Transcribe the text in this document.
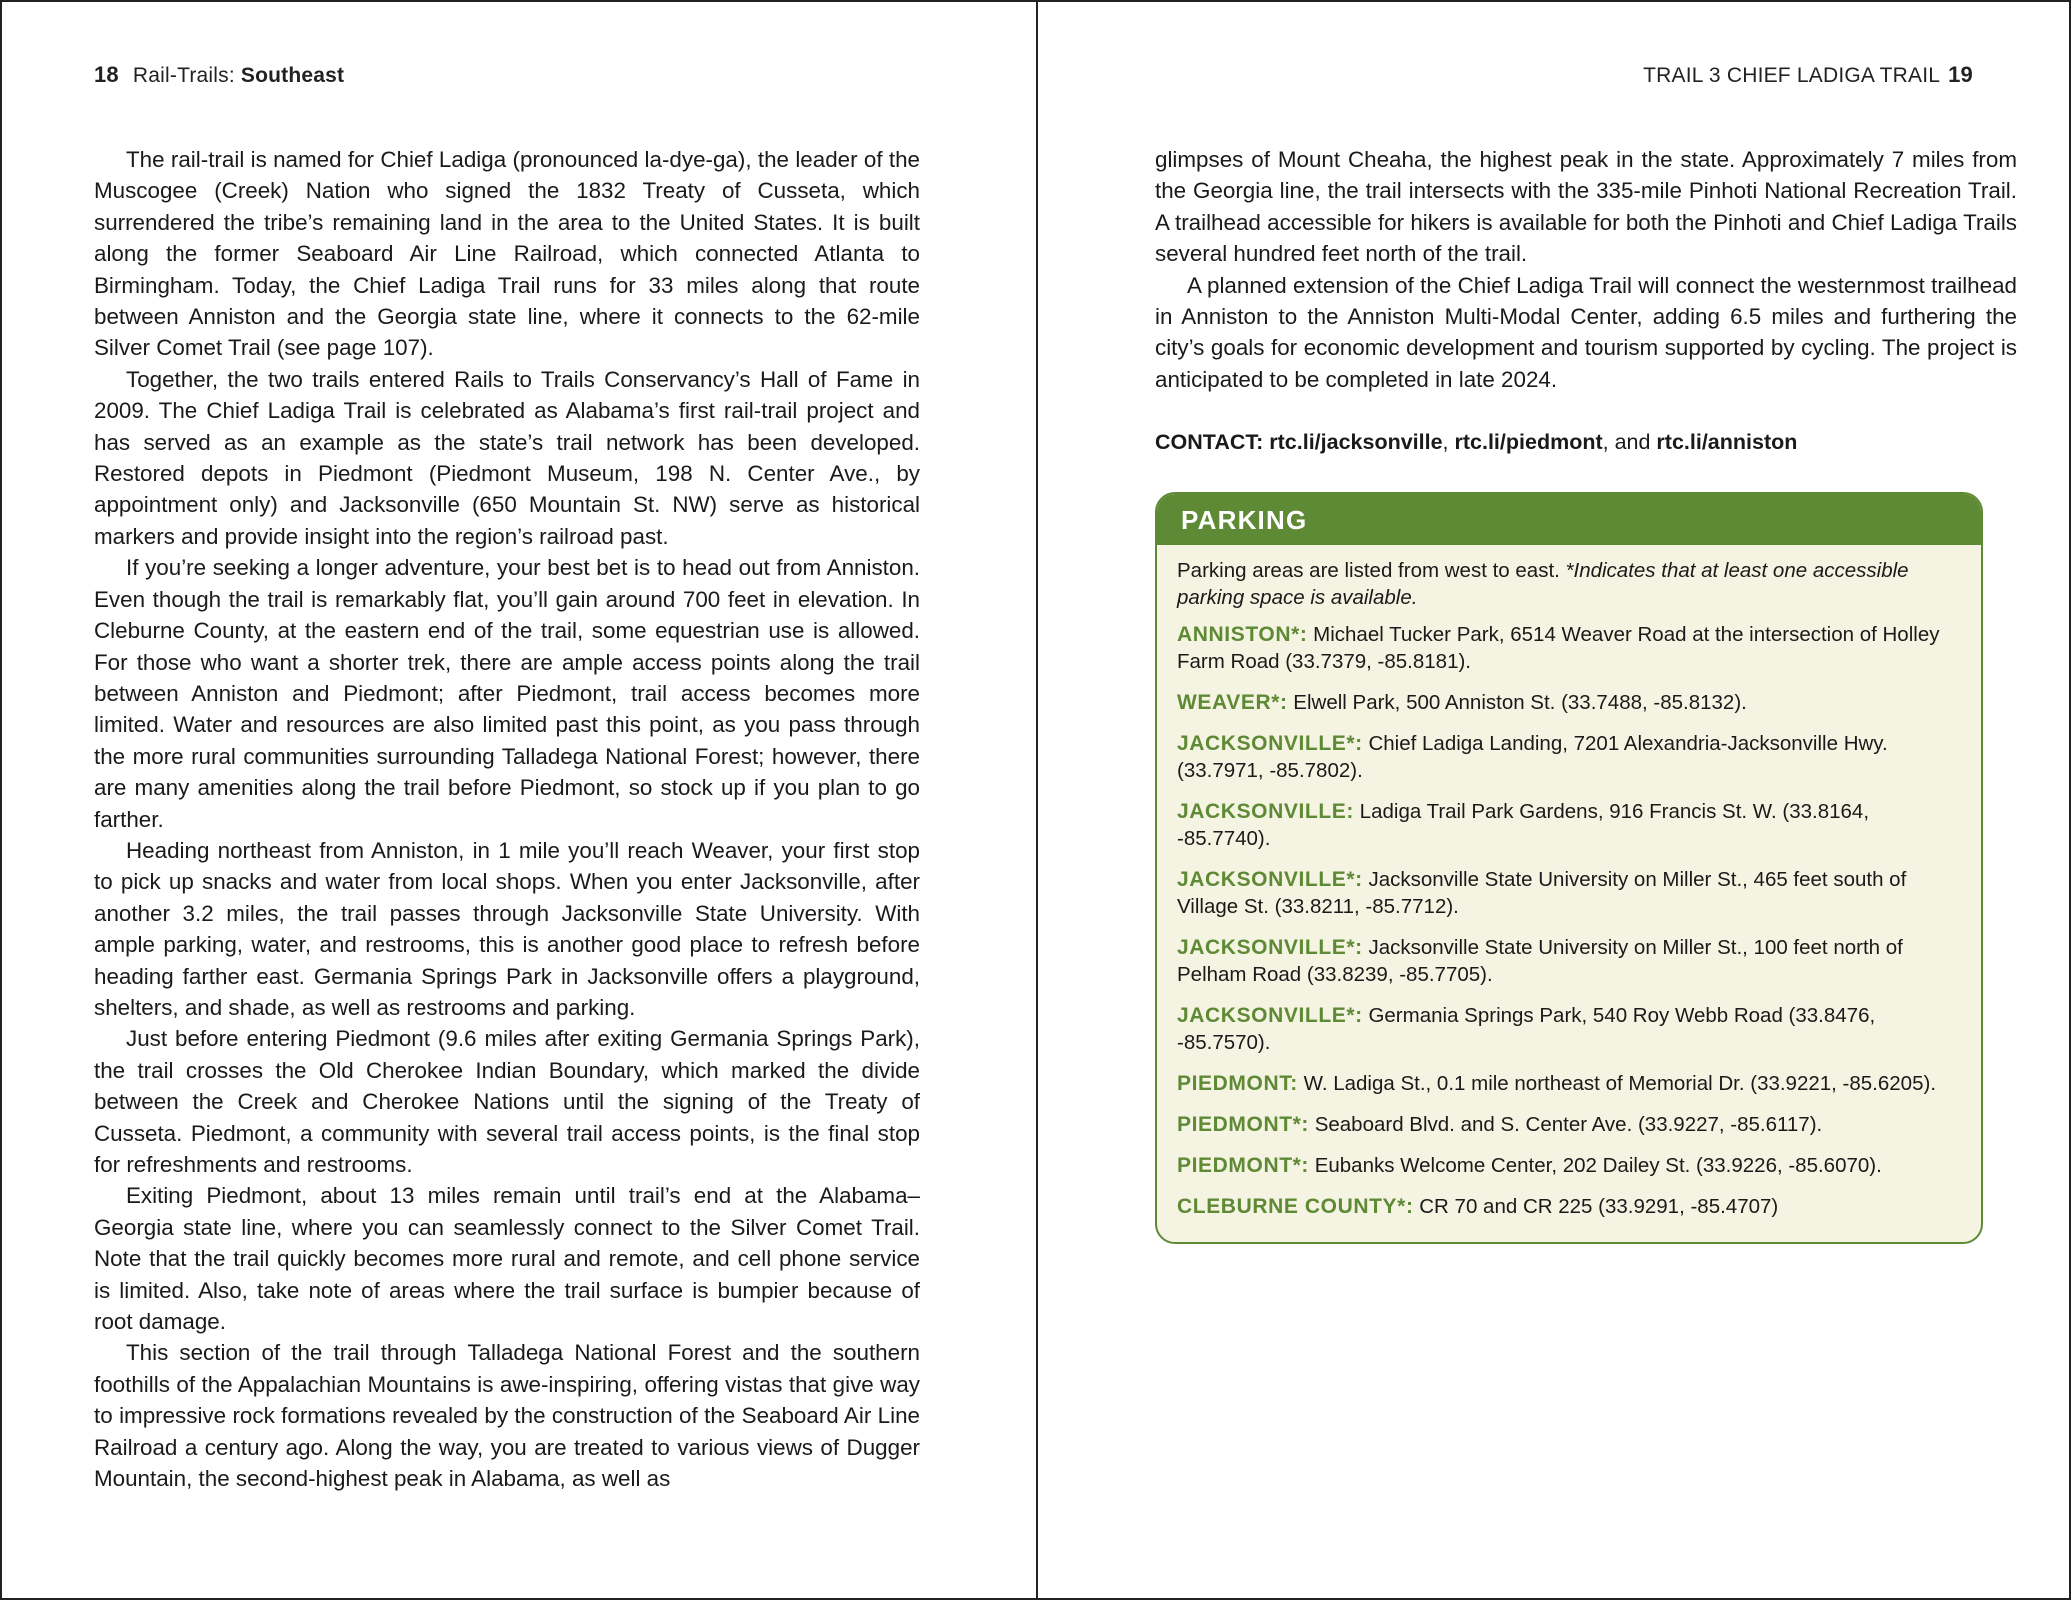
18 Rail-Trails: Southeast

The rail-trail is named for Chief Ladiga (pronounced la-dye-ga), the leader of the Muscogee (Creek) Nation who signed the 1832 Treaty of Cusseta, which surrendered the tribe’s remaining land in the area to the United States. It is built along the former Seaboard Air Line Railroad, which connected Atlanta to Birmingham. Today, the Chief Ladiga Trail runs for 33 miles along that route between Anniston and the Georgia state line, where it connects to the 62-mile Silver Comet Trail (see page 107).

Together, the two trails entered Rails to Trails Conservancy’s Hall of Fame in 2009. The Chief Ladiga Trail is celebrated as Alabama’s first rail-trail project and has served as an example as the state’s trail network has been developed. Restored depots in Piedmont (Piedmont Museum, 198 N. Center Ave., by appointment only) and Jacksonville (650 Mountain St. NW) serve as historical markers and provide insight into the region’s railroad past.

If you’re seeking a longer adventure, your best bet is to head out from Anniston. Even though the trail is remarkably flat, you’ll gain around 700 feet in elevation. In Cleburne County, at the eastern end of the trail, some equestrian use is allowed. For those who want a shorter trek, there are ample access points along the trail between Anniston and Piedmont; after Piedmont, trail access becomes more limited. Water and resources are also limited past this point, as you pass through the more rural communities surrounding Talladega National Forest; however, there are many amenities along the trail before Piedmont, so stock up if you plan to go farther.

Heading northeast from Anniston, in 1 mile you’ll reach Weaver, your first stop to pick up snacks and water from local shops. When you enter Jacksonville, after another 3.2 miles, the trail passes through Jacksonville State University. With ample parking, water, and restrooms, this is another good place to refresh before heading farther east. Germania Springs Park in Jacksonville offers a playground, shelters, and shade, as well as restrooms and parking.

Just before entering Piedmont (9.6 miles after exiting Germania Springs Park), the trail crosses the Old Cherokee Indian Boundary, which marked the divide between the Creek and Cherokee Nations until the signing of the Treaty of Cusseta. Piedmont, a community with several trail access points, is the final stop for refreshments and restrooms.

Exiting Piedmont, about 13 miles remain until trail’s end at the Alabama–Georgia state line, where you can seamlessly connect to the Silver Comet Trail. Note that the trail quickly becomes more rural and remote, and cell phone service is limited. Also, take note of areas where the trail surface is bumpier because of root damage.

This section of the trail through Talladega National Forest and the southern foothills of the Appalachian Mountains is awe-inspiring, offering vistas that give way to impressive rock formations revealed by the construction of the Seaboard Air Line Railroad a century ago. Along the way, you are treated to various views of Dugger Mountain, the second-highest peak in Alabama, as well as

TRAIL 3 CHIEF LADIGA TRAIL 19

glimpses of Mount Cheaha, the highest peak in the state. Approximately 7 miles from the Georgia line, the trail intersects with the 335-mile Pinhoti National Recreation Trail. A trailhead accessible for hikers is available for both the Pinhoti and Chief Ladiga Trails several hundred feet north of the trail.

A planned extension of the Chief Ladiga Trail will connect the westernmost trailhead in Anniston to the Anniston Multi-Modal Center, adding 6.5 miles and furthering the city’s goals for economic development and tourism supported by cycling. The project is anticipated to be completed in late 2024.

CONTACT: rtc.li/jacksonville, rtc.li/piedmont, and rtc.li/anniston
PARKING

Parking areas are listed from west to east. *Indicates that at least one accessible parking space is available.

ANNISTON*: Michael Tucker Park, 6514 Weaver Road at the intersection of Holley Farm Road (33.7379, -85.8181).

WEAVER*: Elwell Park, 500 Anniston St. (33.7488, -85.8132).

JACKSONVILLE*: Chief Ladiga Landing, 7201 Alexandria-Jacksonville Hwy. (33.7971, -85.7802).

JACKSONVILLE: Ladiga Trail Park Gardens, 916 Francis St. W. (33.8164, -85.7740).

JACKSONVILLE*: Jacksonville State University on Miller St., 465 feet south of Village St. (33.8211, -85.7712).

JACKSONVILLE*: Jacksonville State University on Miller St., 100 feet north of Pelham Road (33.8239, -85.7705).

JACKSONVILLE*: Germania Springs Park, 540 Roy Webb Road (33.8476, -85.7570).

PIEDMONT: W. Ladiga St., 0.1 mile northeast of Memorial Dr. (33.9221, -85.6205).

PIEDMONT*: Seaboard Blvd. and S. Center Ave. (33.9227, -85.6117).

PIEDMONT*: Eubanks Welcome Center, 202 Dailey St. (33.9226, -85.6070).

CLEBURNE COUNTY*: CR 70 and CR 225 (33.9291, -85.4707)
